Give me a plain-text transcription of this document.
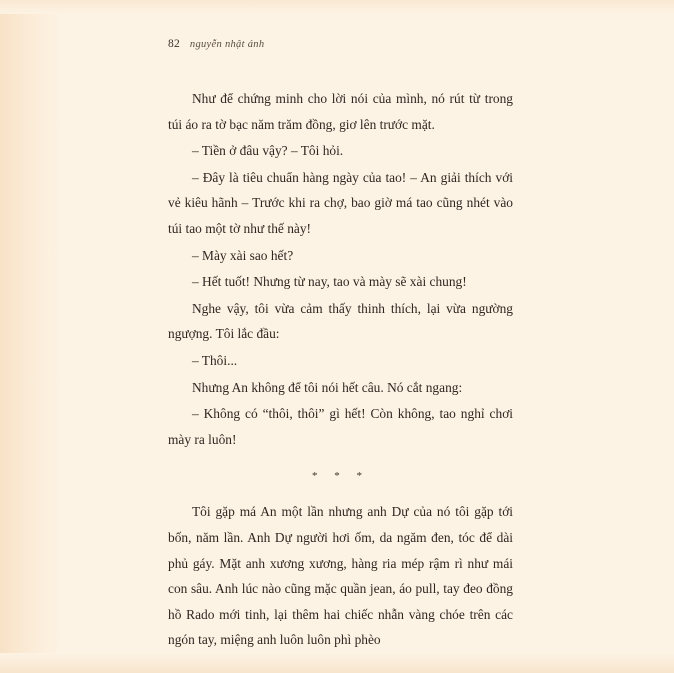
82 nguyễn nhật ánh

Như để chứng minh cho lời nói của mình, nó rút từ trong túi áo ra tờ bạc năm trăm đồng, giơ lên trước mặt.

– Tiền ở đâu vậy? – Tôi hỏi.

– Đây là tiêu chuẩn hàng ngày của tao! – An giải thích với vẻ kiêu hãnh – Trước khi ra chợ, bao giờ má tao cũng nhét vào túi tao một tờ như thế này!

– Mày xài sao hết?

– Hết tuốt! Nhưng từ nay, tao và mày sẽ xài chung!

Nghe vậy, tôi vừa cảm thấy thinh thích, lại vừa ngường ngượng. Tôi lắc đầu:

– Thôi...

Nhưng An không để tôi nói hết câu. Nó cắt ngang:

– Không có “thôi, thôi” gì hết! Còn không, tao nghỉ chơi mày ra luôn!

* * *

Tôi gặp má An một lần nhưng anh Dự của nó tôi gặp tới bốn, năm lần. Anh Dự người hơi ốm, da ngăm đen, tóc để dài phủ gáy. Mặt anh xương xương, hàng ria mép rậm rì như mái con sâu. Anh lúc nào cũng mặc quần jean, áo pull, tay đeo đồng hồ Rado mới tinh, lại thêm hai chiếc nhẫn vàng chóe trên các ngón tay, miệng anh luôn luôn phì phèo
